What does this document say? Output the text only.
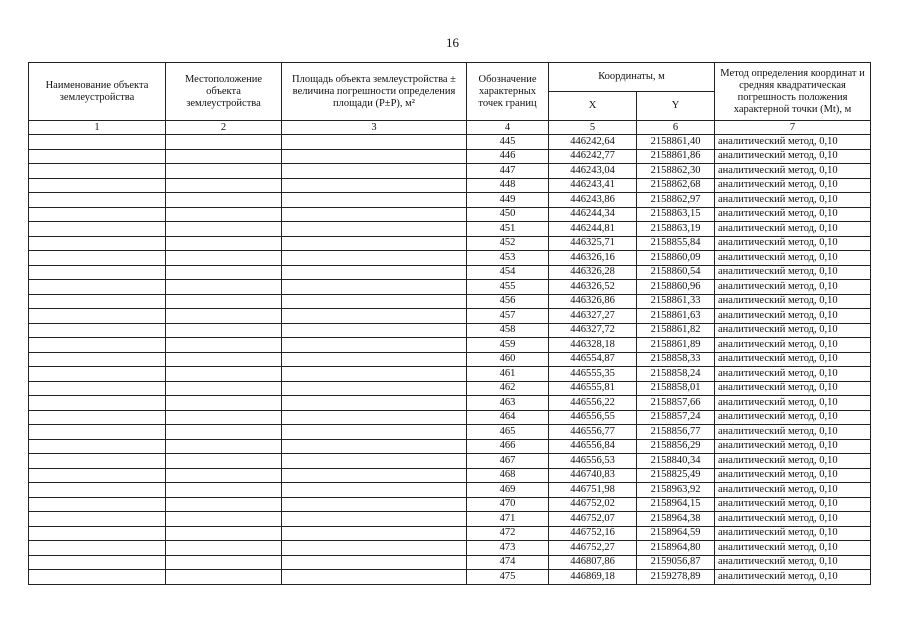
16
Наименование объекта землеустройства	Местоположение объекта землеустройства	Площадь объекта землеустройства ± величина погрешности определения площади (P±P), м²	Обозначение характерных точек границ	Координаты, м		Метод определения координат и средняя квадратическая погрешность положения характерной точки (Mt), м
				X	Y	
1	2	3	4	5	6	7
			445	446242,64	2158861,40	аналитический метод, 0,10
			446	446242,77	2158861,86	аналитический метод, 0,10
			447	446243,04	2158862,30	аналитический метод, 0,10
			448	446243,41	2158862,68	аналитический метод, 0,10
			449	446243,86	2158862,97	аналитический метод, 0,10
			450	446244,34	2158863,15	аналитический метод, 0,10
			451	446244,81	2158863,19	аналитический метод, 0,10
			452	446325,71	2158855,84	аналитический метод, 0,10
			453	446326,16	2158860,09	аналитический метод, 0,10
			454	446326,28	2158860,54	аналитический метод, 0,10
			455	446326,52	2158860,96	аналитический метод, 0,10
			456	446326,86	2158861,33	аналитический метод, 0,10
			457	446327,27	2158861,63	аналитический метод, 0,10
			458	446327,72	2158861,82	аналитический метод, 0,10
			459	446328,18	2158861,89	аналитический метод, 0,10
			460	446554,87	2158858,33	аналитический метод, 0,10
			461	446555,35	2158858,24	аналитический метод, 0,10
			462	446555,81	2158858,01	аналитический метод, 0,10
			463	446556,22	2158857,66	аналитический метод, 0,10
			464	446556,55	2158857,24	аналитический метод, 0,10
			465	446556,77	2158856,77	аналитический метод, 0,10
			466	446556,84	2158856,29	аналитический метод, 0,10
			467	446556,53	2158840,34	аналитический метод, 0,10
			468	446740,83	2158825,49	аналитический метод, 0,10
			469	446751,98	2158963,92	аналитический метод, 0,10
			470	446752,02	2158964,15	аналитический метод, 0,10
			471	446752,07	2158964,38	аналитический метод, 0,10
			472	446752,16	2158964,59	аналитический метод, 0,10
			473	446752,27	2158964,80	аналитический метод, 0,10
			474	446807,86	2159056,87	аналитический метод, 0,10
			475	446869,18	2159278,89	аналитический метод, 0,10
